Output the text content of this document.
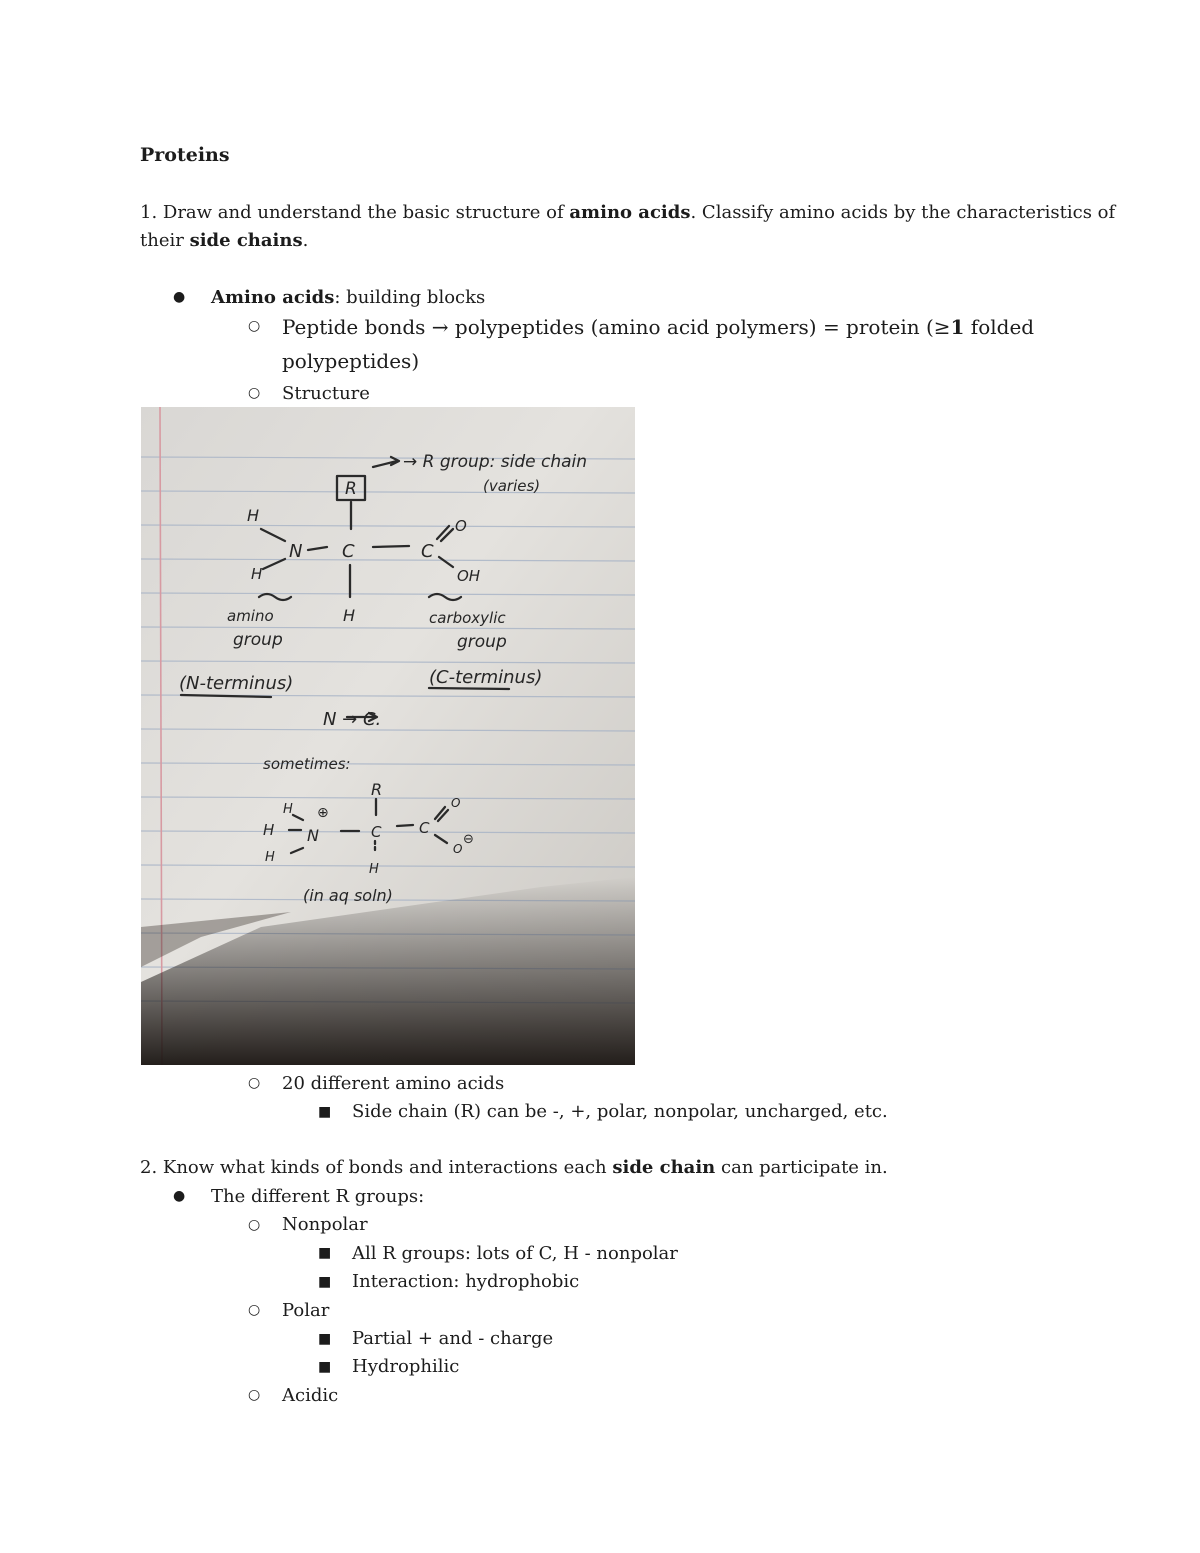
Proteins
1. Draw and understand the basic structure of amino acids. Classify amino acids by the characteristics of
their side chains.
● Amino acids: building blocks
○ Peptide bonds → polypeptides (amino acid polymers) = protein (≥1 folded
polypeptides)
○ Structure
R
→ R group: side chain
(varies)
H
N C	C
O
OH
H
H
amino
group
(N-terminus)
carboxylic
group
(C-terminus)
N → C.
sometimes:
R
H ⊕
H N	C	C
O
O
⊖
H
H
(in aq soln)
○ 20 different amino acids
■ Side chain (R) can be -, +, polar, nonpolar, uncharged, etc.
2. Know what kinds of bonds and interactions each side chain can participate in.
● The different R groups:
○ Nonpolar
■ All R groups: lots of C, H - nonpolar
■ Interaction: hydrophobic
○ Polar
■ Partial + and - charge
■ Hydrophilic
○ Acidic
